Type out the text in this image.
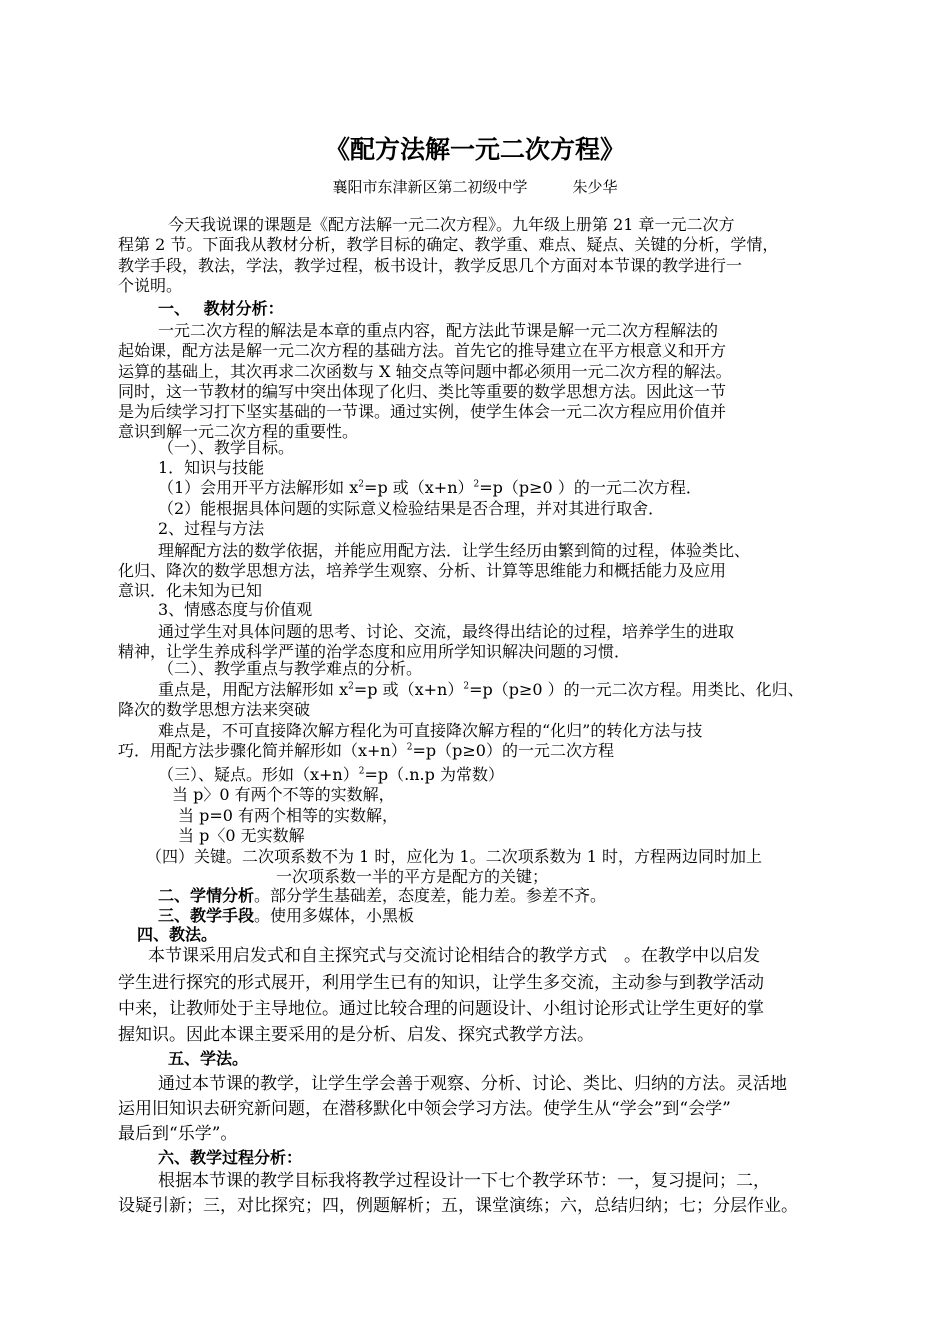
《配方法解一元二次方程》
襄阳市东津新区第二初级中学　　　朱少华
今天我说课的课题是《配方法解一元二次方程》。九年级上册第 21 章一元二次方
程第 2 节。下面我从教材分析，教学目标的确定、教学重、难点、疑点、关键的分析，学情，
教学手段，教法，学法，教学过程，板书设计，教学反思几个方面对本节课的教学进行一
个说明。
一、　 教材分析：
一元二次方程的解法是本章的重点内容，配方法此节课是解一元二次方程解法的
起始课，配方法是解一元二次方程的基础方法。首先它的推导建立在平方根意义和开方
运算的基础上，其次再求二次函数与 X 轴交点等问题中都必须用一元二次方程的解法。
同时，这一节教材的编写中突出体现了化归、类比等重要的数学思想方法。因此这一节
是为后续学习打下坚实基础的一节课。通过实例，使学生体会一元二次方程应用价值并
意识到解一元二次方程的重要性。
（一）、教学目标。
1．知识与技能
（1）会用开平方法解形如 $x^2=p$ 或$(x+n)^2=p(p\ge 0$ ）的一元二次方程．
（2）能根据具体问题的实际意义检验结果是否合理，并对其进行取舍．
2、过程与方法
理解配方法的数学依据，并能应用配方法．让学生经历由繁到简的过程，体验类比、
化归、降次的数学思想方法，培养学生观察、分析、计算等思维能力和概括能力及应用
意识．化未知为已知
3、情感态度与价值观
通过学生对具体问题的思考、讨论、交流，最终得出结论的过程，培养学生的进取
精神，让学生养成科学严谨的治学态度和应用所学知识解决问题的习惯．
（二）、教学重点与教学难点的分析。
重点是，用配方法解形如 $x^2=p$ 或$(x+n)^2=p(p\ge 0$ ）的一元二次方程。用类比、化归、
降次的数学思想方法来突破
难点是，不可直接降次解方程化为可直接降次解方程的“化归”的转化方法与技
巧．用配方法步骤化简并解形如$(x+n)^2=p(p\ge 0)$的一元二次方程
（三）、疑点。形如$(x+n)^2=p(.n.p$ 为常数）
当 p〉0 有两个不等的实数解，
当 p=0 有两个相等的实数解，
当 p〈0 无实数解
（四）关键。二次项系数不为 1 时，应化为 1。二次项系数为 1 时，方程两边同时加上
一次项系数一半的平方是配方的关键；
二、学情分析。部分学生基础差，态度差，能力差。参差不齐。
三、教学手段。使用多媒体，小黑板
四、教法。
本节课采用启发式和自主探究式与交流讨论相结合的教学方式　。在教学中以启发
学生进行探究的形式展开，利用学生已有的知识，让学生多交流，主动参与到教学活动
中来，让教师处于主导地位。通过比较合理的问题设计、小组讨论形式让学生更好的掌
握知识。因此本课主要采用的是分析、启发、探究式教学方法。
五、学法。
通过本节课的教学，让学生学会善于观察、分析、讨论、类比、归纳的方法。灵活地
运用旧知识去研究新问题，在潜移默化中领会学习方法。使学生从“学会”到“会学”
最后到“乐学”。
六、教学过程分析：
根据本节课的教学目标我将教学过程设计一下七个教学环节：一，复习提问；二，
设疑引新；三，对比探究；四，例题解析；五，课堂演练；六，总结归纳；七；分层作业。
